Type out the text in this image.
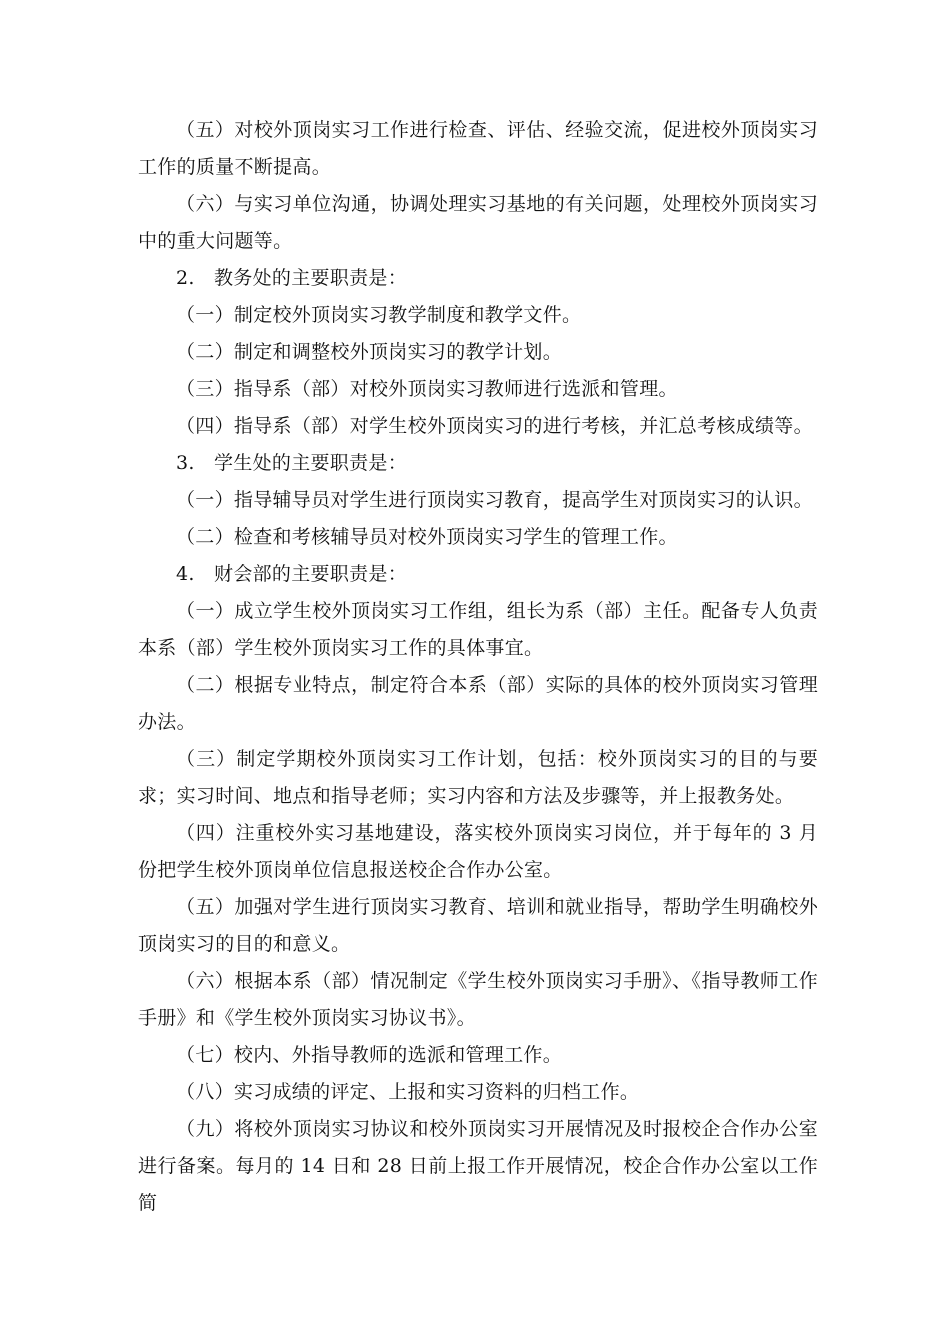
（五）对校外顶岗实习工作进行检查、评估、经验交流，促进校外顶岗实习工作的质量不断提高。

（六）与实习单位沟通，协调处理实习基地的有关问题，处理校外顶岗实习中的重大问题等。

2.　教务处的主要职责是：

（一）制定校外顶岗实习教学制度和教学文件。

（二）制定和调整校外顶岗实习的教学计划。

（三）指导系（部）对校外顶岗实习教师进行选派和管理。

（四）指导系（部）对学生校外顶岗实习的进行考核，并汇总考核成绩等。

3.　学生处的主要职责是：

（一）指导辅导员对学生进行顶岗实习教育，提高学生对顶岗实习的认识。

（二）检查和考核辅导员对校外顶岗实习学生的管理工作。

4.　财会部的主要职责是：

（一）成立学生校外顶岗实习工作组，组长为系（部）主任。配备专人负责本系（部）学生校外顶岗实习工作的具体事宜。

（二）根据专业特点，制定符合本系（部）实际的具体的校外顶岗实习管理办法。

（三）制定学期校外顶岗实习工作计划，包括：校外顶岗实习的目的与要求；实习时间、地点和指导老师；实习内容和方法及步骤等，并上报教务处。

（四）注重校外实习基地建设，落实校外顶岗实习岗位，并于每年的 3 月份把学生校外顶岗单位信息报送校企合作办公室。

（五）加强对学生进行顶岗实习教育、培训和就业指导，帮助学生明确校外顶岗实习的目的和意义。

（六）根据本系（部）情况制定《学生校外顶岗实习手册》、《指导教师工作手册》和《学生校外顶岗实习协议书》。

（七）校内、外指导教师的选派和管理工作。

（八）实习成绩的评定、上报和实习资料的归档工作。

（九）将校外顶岗实习协议和校外顶岗实习开展情况及时报校企合作办公室进行备案。每月的 14 日和 28 日前上报工作开展情况，校企合作办公室以工作简
